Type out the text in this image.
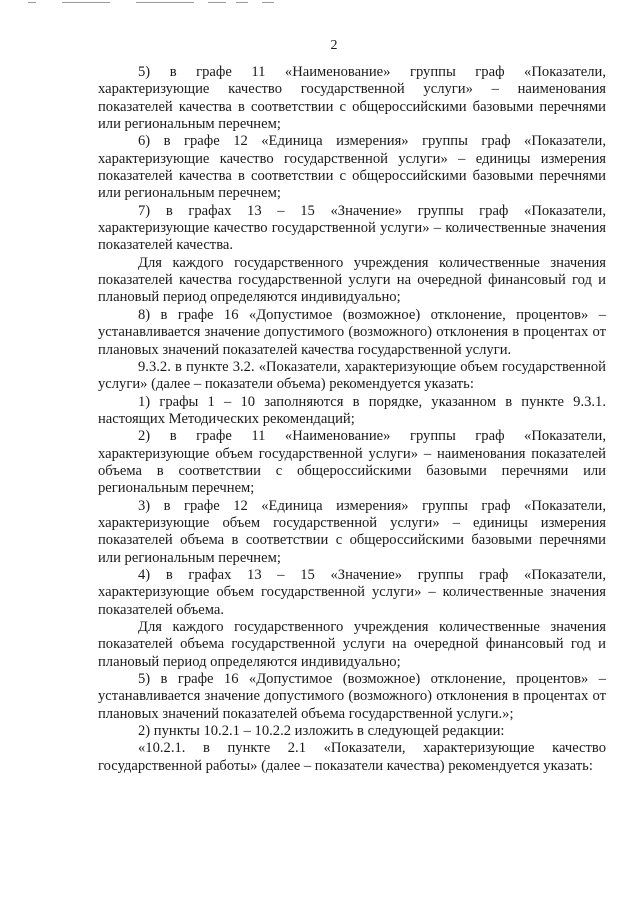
2

5) в графе 11 «Наименование» группы граф «Показатели, характеризующие качество государственной услуги» – наименования показателей качества в соответствии с общероссийскими базовыми перечнями или региональным перечнем;

6) в графе 12 «Единица измерения» группы граф «Показатели, характеризующие качество государственной услуги» – единицы измерения показателей качества в соответствии с общероссийскими базовыми перечнями или региональным перечнем;

7) в графах 13 – 15 «Значение» группы граф «Показатели, характеризующие качество государственной услуги» – количественные значения показателей качества.

Для каждого государственного учреждения количественные значения показателей качества государственной услуги на очередной финансовый год и плановый период определяются индивидуально;

8) в графе 16 «Допустимое (возможное) отклонение, процентов» – устанавливается значение допустимого (возможного) отклонения в процентах от плановых значений показателей качества государственной услуги.

9.3.2. в пункте 3.2. «Показатели, характеризующие объем государственной услуги» (далее – показатели объема) рекомендуется указать:

1) графы 1 – 10 заполняются в порядке, указанном в пункте 9.3.1. настоящих Методических рекомендаций;

2) в графе 11 «Наименование» группы граф «Показатели, характеризующие объем государственной услуги» – наименования показателей объема в соответствии с общероссийскими базовыми перечнями или региональным перечнем;

3) в графе 12 «Единица измерения» группы граф «Показатели, характеризующие объем государственной услуги» – единицы измерения показателей объема в соответствии с общероссийскими базовыми перечнями или региональным перечнем;

4) в графах 13 – 15 «Значение» группы граф «Показатели, характеризующие объем государственной услуги» – количественные значения показателей объема.

Для каждого государственного учреждения количественные значения показателей объема государственной услуги на очередной финансовый год и плановый период определяются индивидуально;

5) в графе 16 «Допустимое (возможное) отклонение, процентов» – устанавливается значение допустимого (возможного) отклонения в процентах от плановых значений показателей объема государственной услуги.»;

2) пункты 10.2.1 – 10.2.2 изложить в следующей редакции:

«10.2.1. в пункте 2.1 «Показатели, характеризующие качество государственной работы» (далее – показатели качества) рекомендуется указать:
